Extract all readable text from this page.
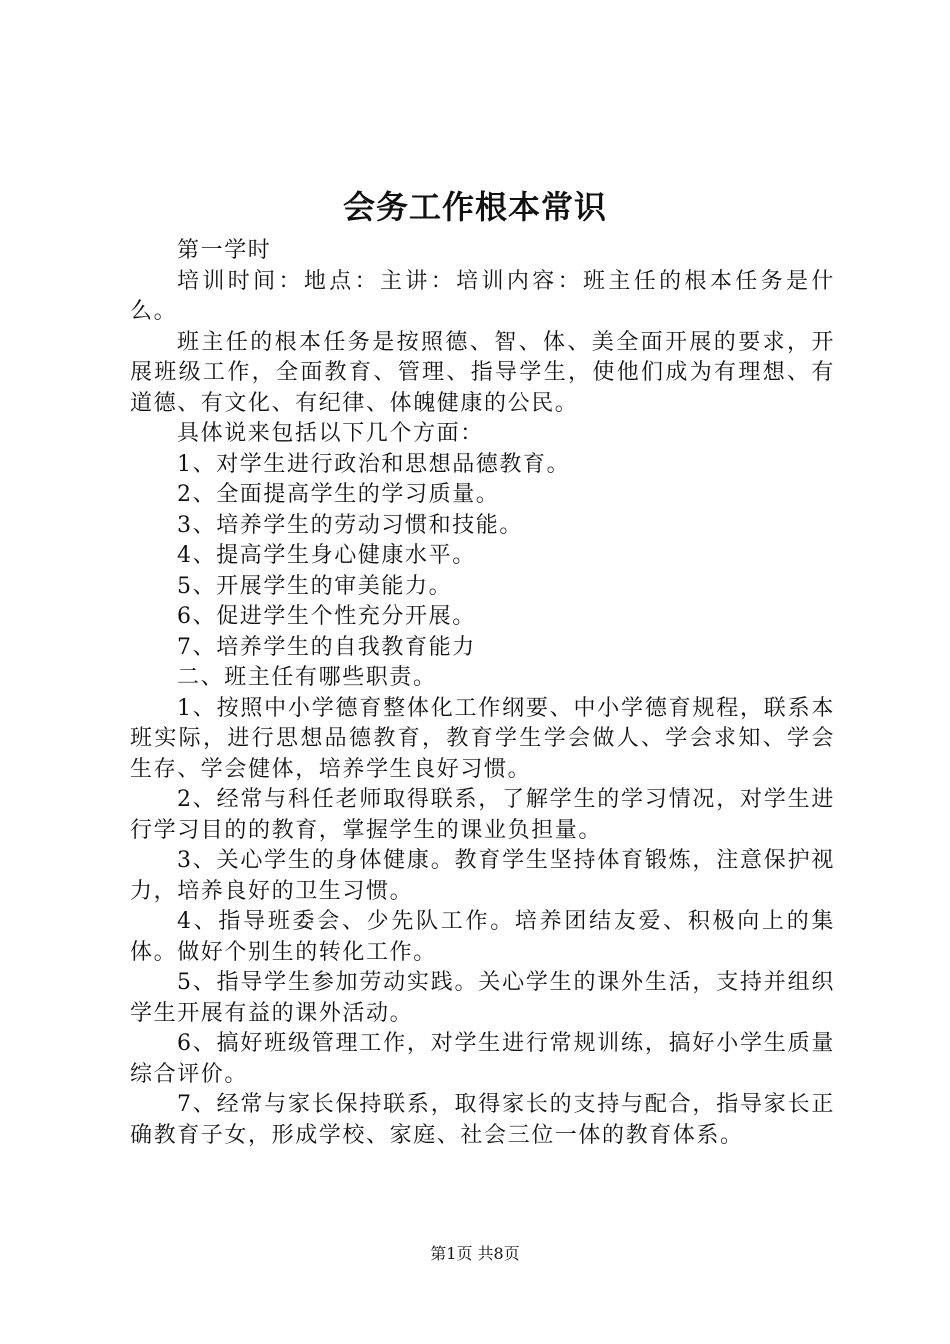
会务工作根本常识

第一学时

培训时间：地点：主讲：培训内容：班主任的根本任务是什么。

班主任的根本任务是按照德、智、体、美全面开展的要求，开展班级工作，全面教育、管理、指导学生，使他们成为有理想、有道德、有文化、有纪律、体魄健康的公民。

具体说来包括以下几个方面：

1、对学生进行政治和思想品德教育。

2、全面提高学生的学习质量。

3、培养学生的劳动习惯和技能。

4、提高学生身心健康水平。

5、开展学生的审美能力。

6、促进学生个性充分开展。

7、培养学生的自我教育能力

二、班主任有哪些职责。

1、按照中小学德育整体化工作纲要、中小学德育规程，联系本班实际，进行思想品德教育，教育学生学会做人、学会求知、学会生存、学会健体，培养学生良好习惯。

2、经常与科任老师取得联系，了解学生的学习情况，对学生进行学习目的的教育，掌握学生的课业负担量。

3、关心学生的身体健康。教育学生坚持体育锻炼，注意保护视力，培养良好的卫生习惯。

4、指导班委会、少先队工作。培养团结友爱、积极向上的集体。做好个别生的转化工作。

5、指导学生参加劳动实践。关心学生的课外生活，支持并组织学生开展有益的课外活动。

6、搞好班级管理工作，对学生进行常规训练，搞好小学生质量综合评价。

7、经常与家长保持联系，取得家长的支持与配合，指导家长正确教育子女，形成学校、家庭、社会三位一体的教育体系。

第1页 共8页
